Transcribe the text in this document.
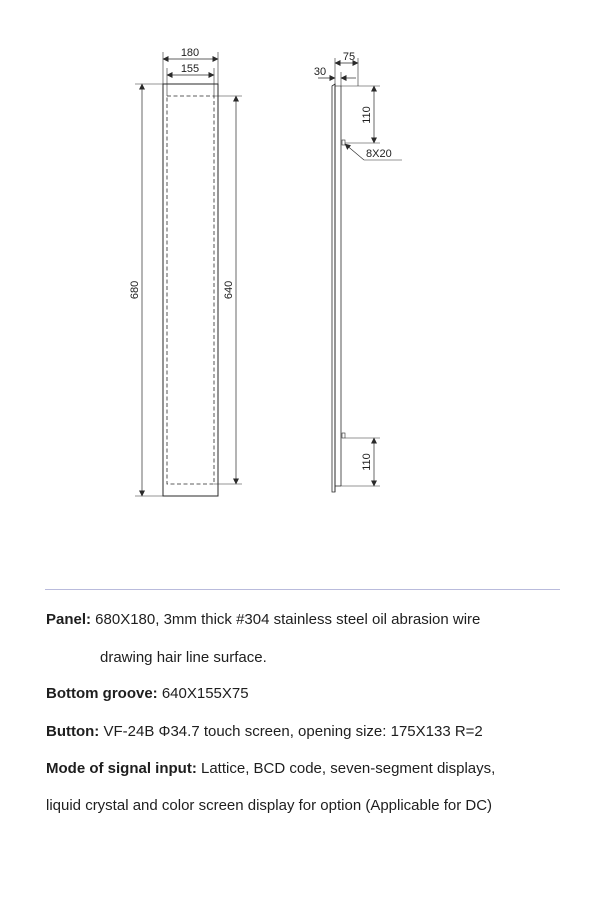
180
155
680	640
75
30
110
8X20
110
Panel: 680X180, 3mm thick #304 stainless steel oil abrasion wire
drawing hair line surface.
Bottom groove: 640X155X75
Button: VF-24B Φ34.7 touch screen, opening size: 175X133 R=2
Mode of signal input: Lattice, BCD code, seven-segment displays,
liquid crystal and color screen display for option (Applicable for DC)
